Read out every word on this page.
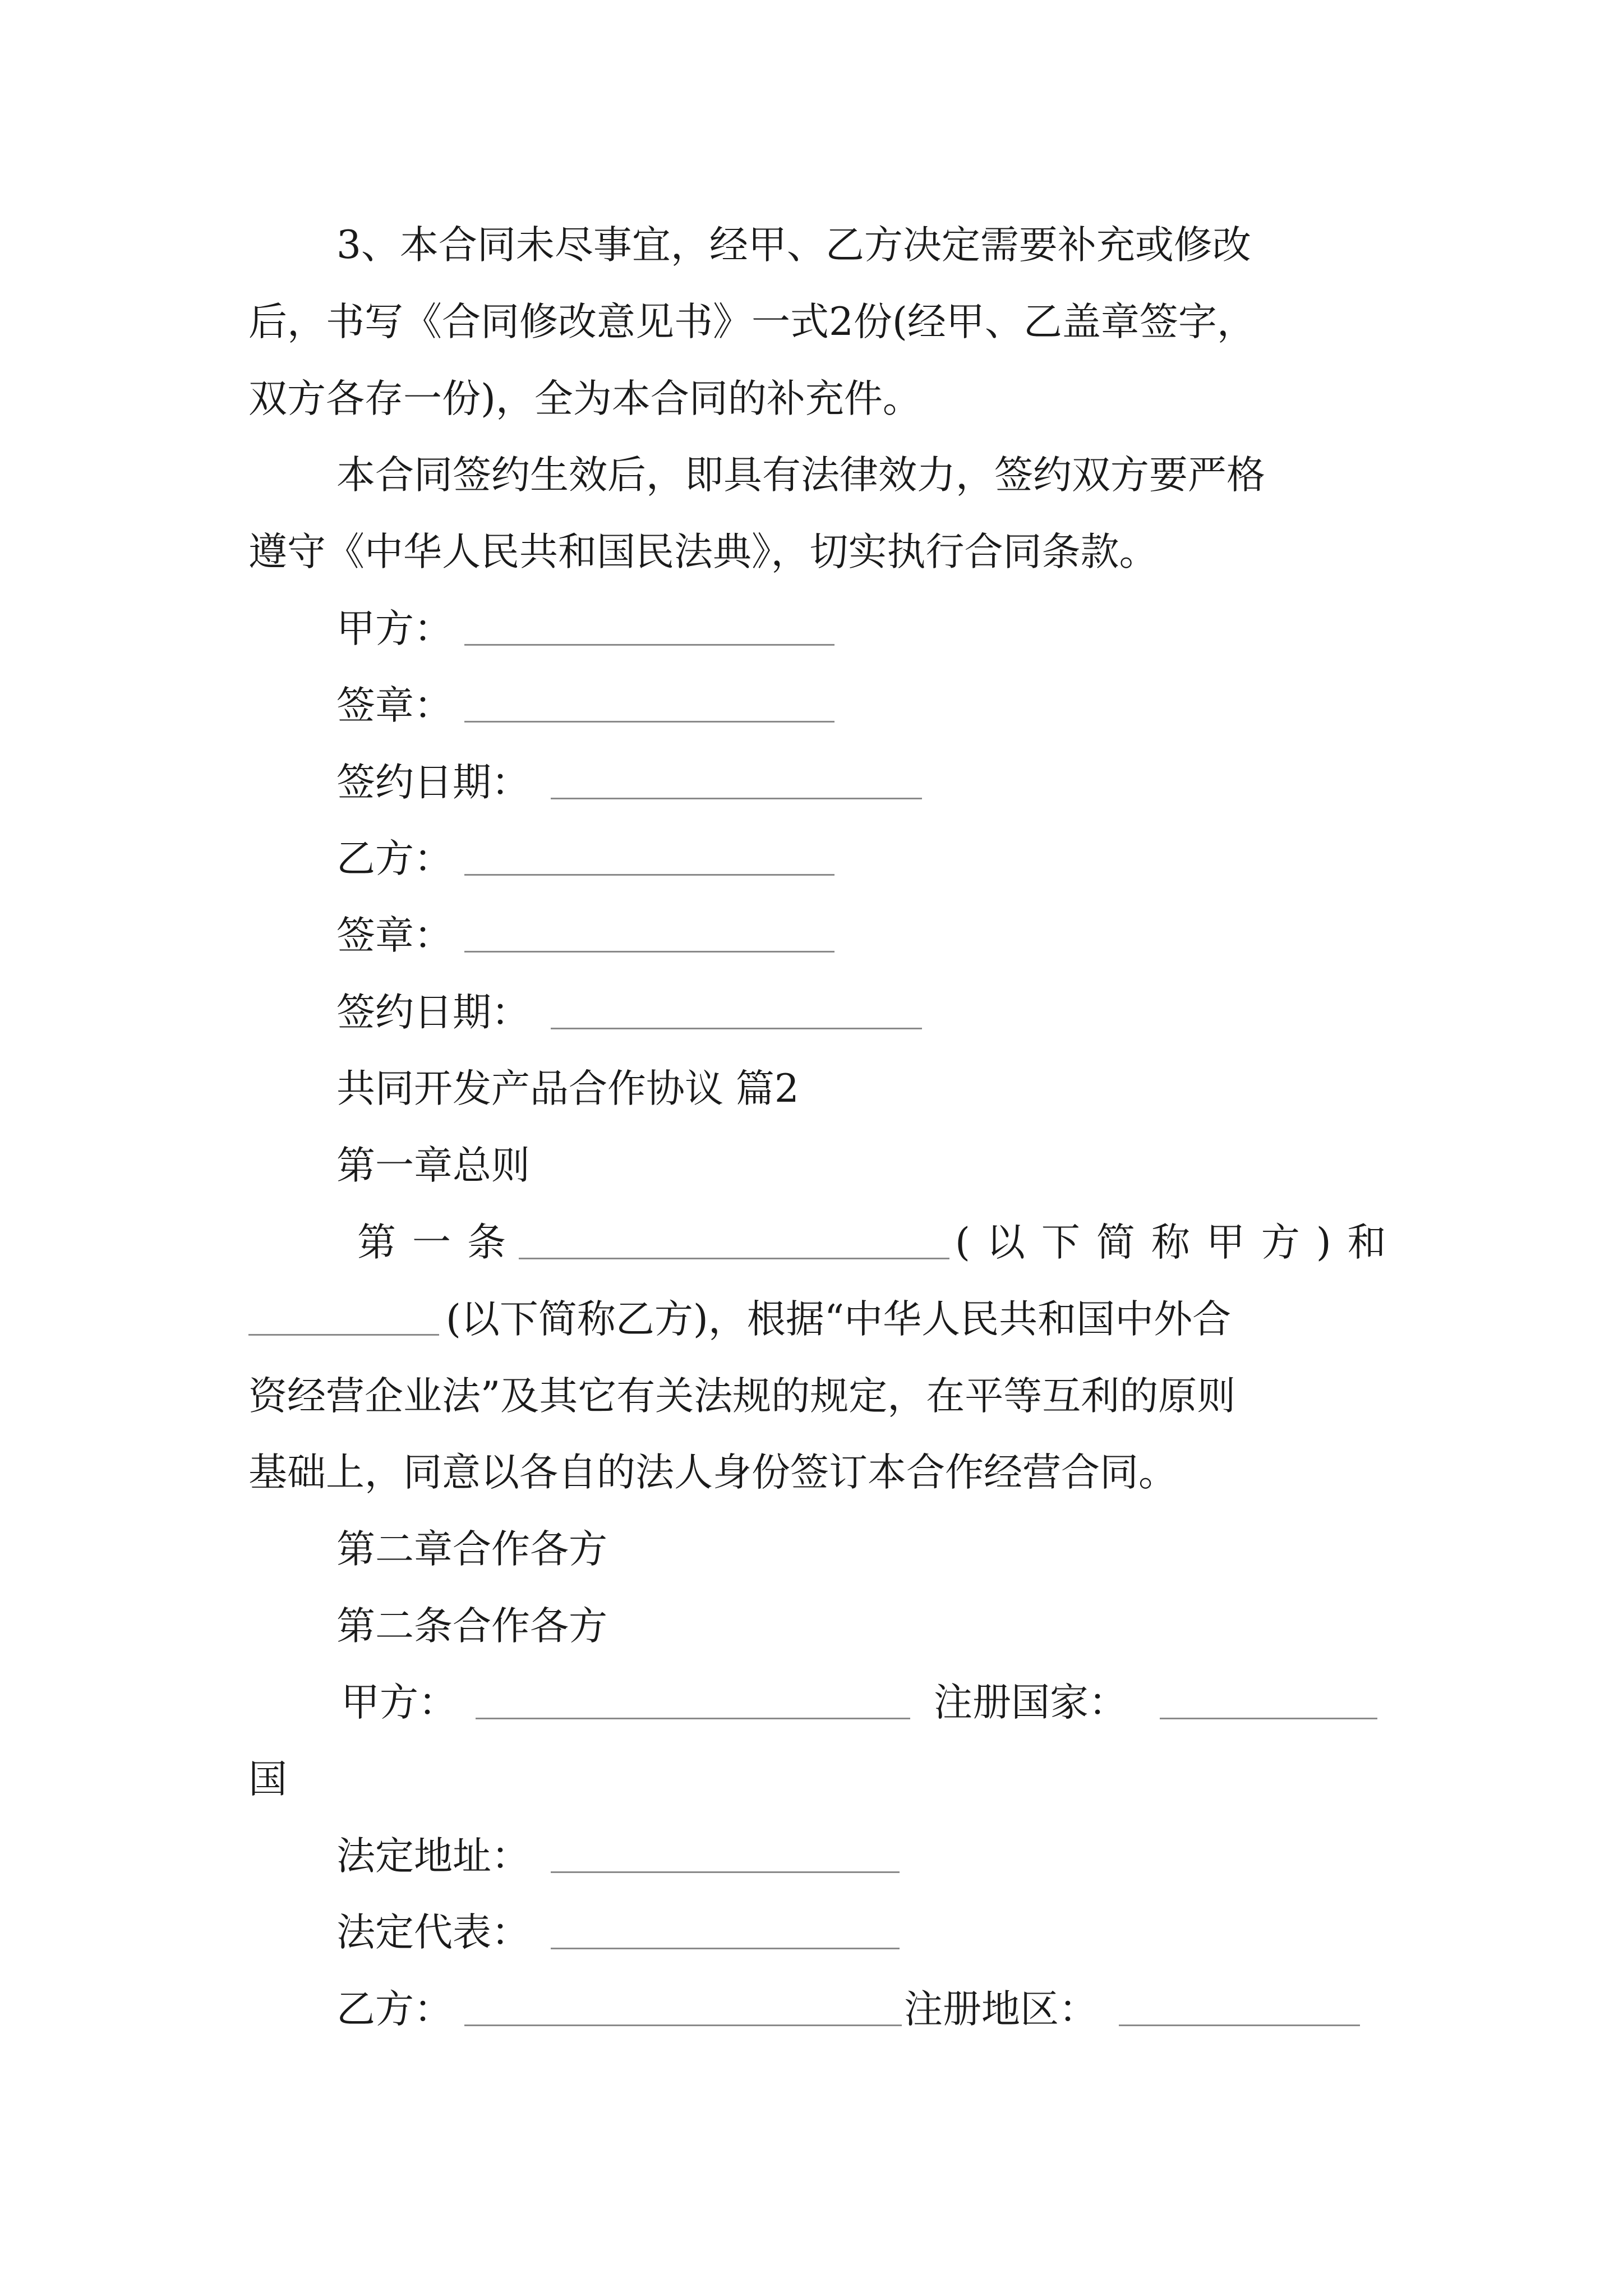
3、本合同未尽事宜，经甲、乙方决定需要补充或修改
后，书写《合同修改意见书》一式2份(经甲、乙盖章签字，
双方各存一份)，全为本合同的补充件。
本合同签约生效后，即具有法律效力，签约双方要严格
遵守《中华人民共和国民法典》，切实执行合同条款。
甲方：
签章：
签约日期：
乙方：
签章：
签约日期：
共同开发产品合作协议 篇2
第一章总则
第一条	(以下简称甲方)和
(以下简称乙方)，根据“中华人民共和国中外合
资经营企业法”及其它有关法规的规定，在平等互利的原则
基础上，同意以各自的法人身份签订本合作经营合同。
第二章合作各方
第二条合作各方
甲方：	注册国家：
国
法定地址：
法定代表：
乙方：	注册地区：
